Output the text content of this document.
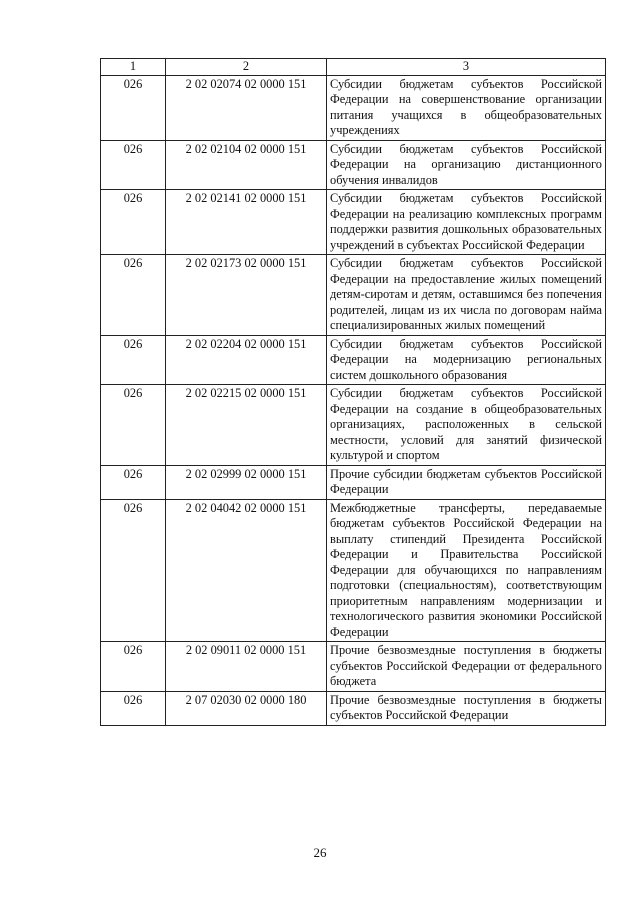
1	2	3
026	2 02 02074 02 0000 151	Субсидии бюджетам субъектов Российской Федерации на совершенствование организации питания учащихся в общеобразовательных учреждениях
026	2 02 02104 02 0000 151	Субсидии бюджетам субъектов Российской Федерации на организацию дистанционного обучения инвалидов
026	2 02 02141 02 0000 151	Субсидии бюджетам субъектов Российской Федерации на реализацию комплексных программ поддержки развития дошкольных образовательных учреждений в субъектах Российской Федерации
026	2 02 02173 02 0000 151	Субсидии бюджетам субъектов Российской Федерации на предоставление жилых помещений детям-сиротам и детям, оставшимся без попечения родителей, лицам из их числа по договорам найма специализированных жилых помещений
026	2 02 02204 02 0000 151	Субсидии бюджетам субъектов Российской Федерации на модернизацию региональных систем дошкольного образования
026	2 02 02215 02 0000 151	Субсидии бюджетам субъектов Российской Федерации на создание в общеобразовательных организациях, расположенных в сельской местности, условий для занятий физической культурой и спортом
026	2 02 02999 02 0000 151	Прочие субсидии бюджетам субъектов Российской Федерации
026	2 02 04042 02 0000 151	Межбюджетные трансферты, передаваемые бюджетам субъектов Российской Федерации на выплату стипендий Президента Российской Федерации и Правительства Российской Федерации для обучающихся по направлениям подготовки (специальностям), соответствующим приоритетным направлениям модернизации и технологического развития экономики Российской Федерации
026	2 02 09011 02 0000 151	Прочие безвозмездные поступления в бюджеты субъектов Российской Федерации от федерального бюджета
026	2 07 02030 02 0000 180	Прочие безвозмездные поступления в бюджеты субъектов Российской Федерации
26
